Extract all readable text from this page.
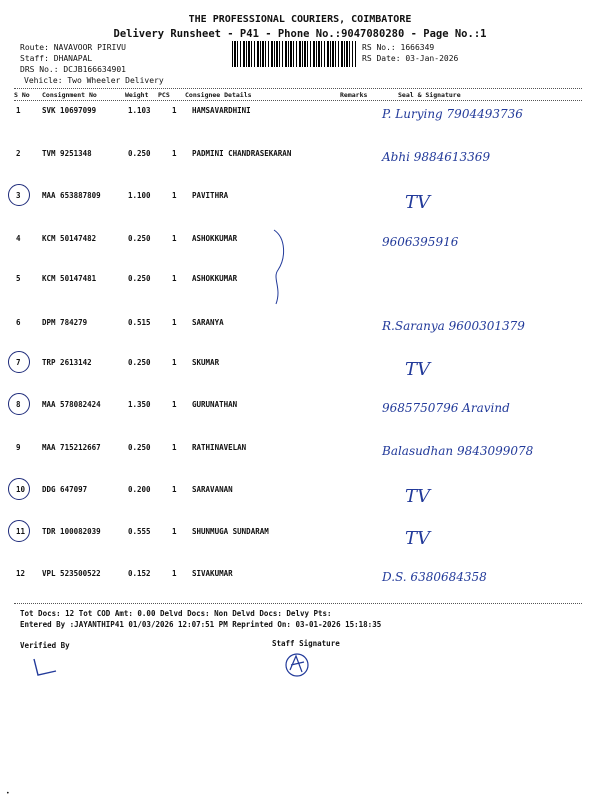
THE PROFESSIONAL COURIERS, COIMBATORE
Delivery Runsheet - P41 - Phone No.:9047080280 - Page No.:1
Route: NAVAVOOR PIRIVU
Staff: DHANAPAL
DRS No.: DCJB166634901
Vehicle: Two Wheeler Delivery
RS No.: 1666349
RS Date: 03-Jan-2026
S No Consignment No	Weight PCS Consignee Details	Remarks	Seal & Signature
1	SVK 10697099	1.103	1 HAMSAVARDHINI	P. Lurying 7904493736
2	TVM 9251348	0.250	1 PADMINI CHANDRASEKARAN	Abhi 9884613369
3	MAA 653887809	1.100	1 PAVITHRA	TV
4	KCM 50147482	0.250	1 ASHOKKUMAR	9606395916
5	KCM 50147481	0.250	1 ASHOKKUMAR
6	DPM 784279	0.515	1 SARANYA	R.Saranya 9600301379
7	TRP 2613142	0.250	1 SKUMAR	TV
8	MAA 578082424	1.350	1 GURUNATHAN	9685750796 Aravind
9	MAA 715212667	0.250	1 RATHINAVELAN	Balasudhan 9843099078
10 DDG 647097	0.200	1 SARAVANAN	TV
11 TDR 100082039	0.555	1 SHUNMUGA SUNDARAM	TV
12 VPL 523500522	0.152	1 SIVAKUMAR	D.S. 6380684358
Tot Docs: 12 Tot COD Amt: 0.00 Delvd Docs: Non Delvd Docs: Delvy Pts:
Entered By :JAYANTHIP41 01/03/2026 12:07:51 PM Reprinted On: 03-01-2026 15:18:35
Verified By	Staff Signature
•
